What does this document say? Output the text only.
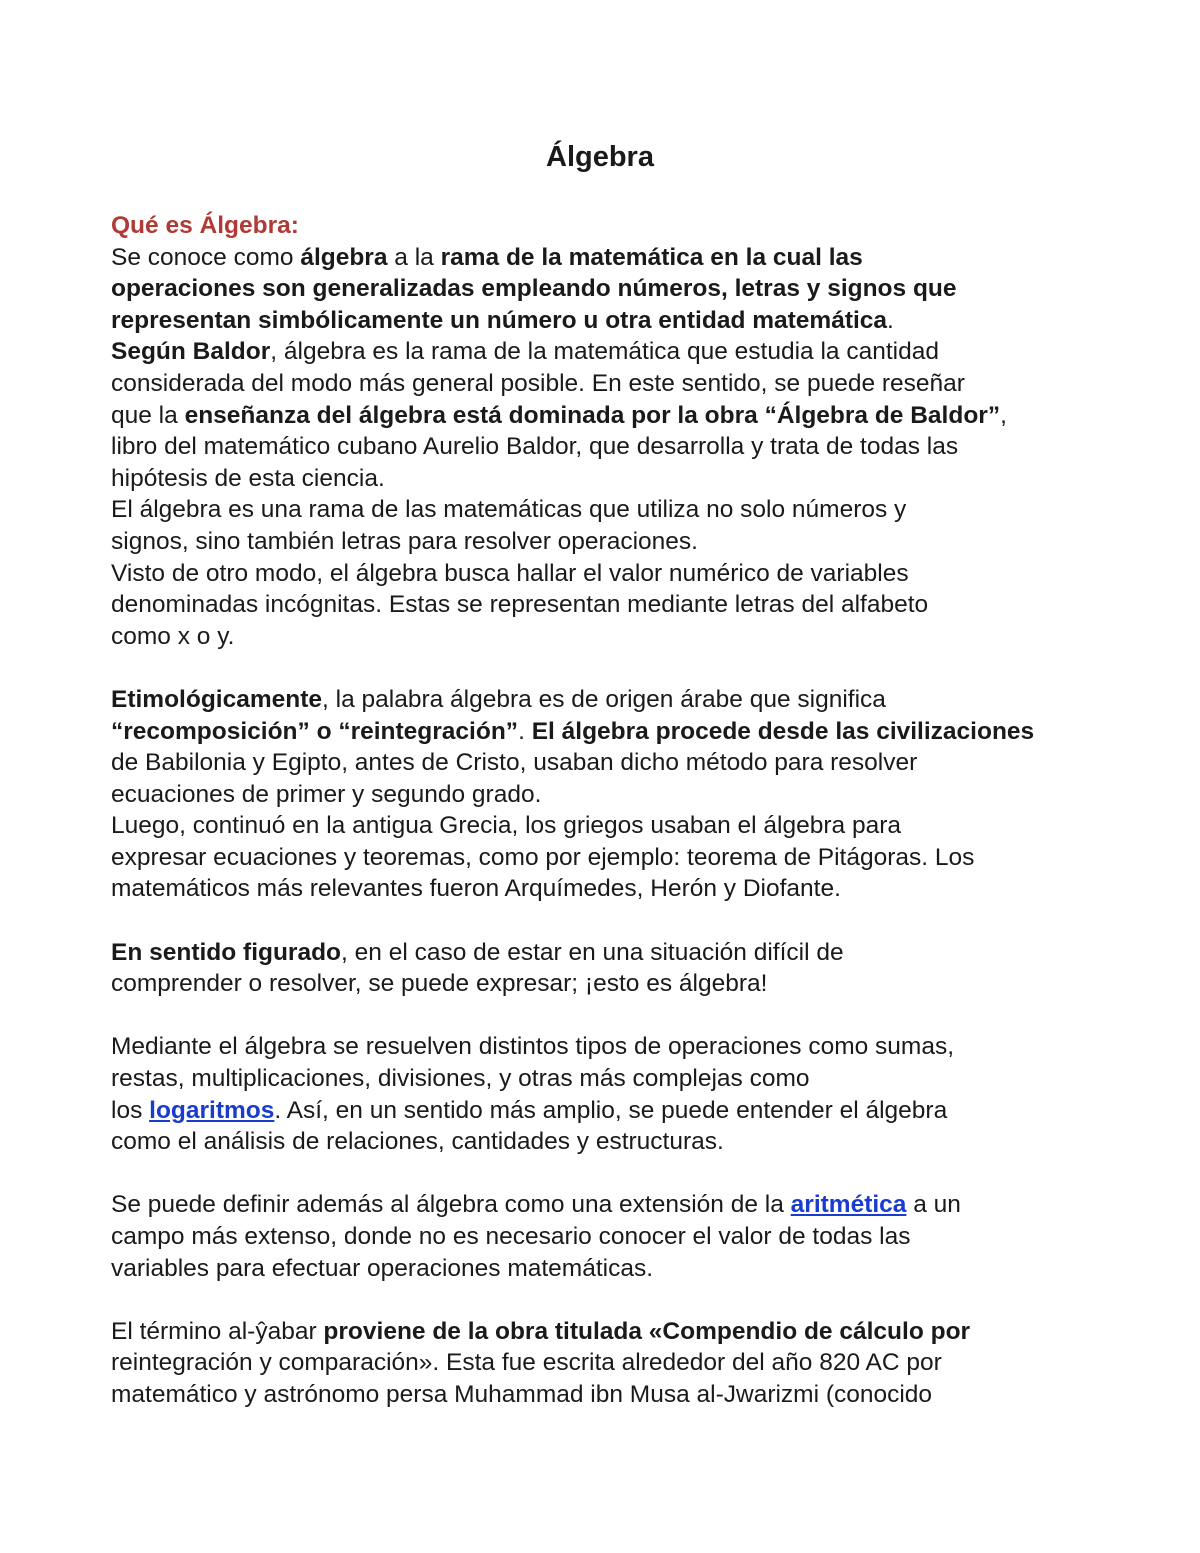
Álgebra
Qué es Álgebra:

Se conoce como álgebra a la rama de la matemática en la cual las
operaciones son generalizadas empleando números, letras y signos que
representan simbólicamente un número u otra entidad matemática.

Según Baldor, álgebra es la rama de la matemática que estudia la cantidad
considerada del modo más general posible. En este sentido, se puede reseñar
que la enseñanza del álgebra está dominada por la obra “Álgebra de Baldor”,
libro del matemático cubano Aurelio Baldor, que desarrolla y trata de todas las
hipótesis de esta ciencia.

El álgebra es una rama de las matemáticas que utiliza no solo números y
signos, sino también letras para resolver operaciones.

Visto de otro modo, el álgebra busca hallar el valor numérico de variables
denominadas incógnitas. Estas se representan mediante letras del alfabeto
como x o y.

Etimológicamente, la palabra álgebra es de origen árabe que significa
“recomposición” o “reintegración”. El álgebra procede desde las civilizaciones
de Babilonia y Egipto, antes de Cristo, usaban dicho método para resolver
ecuaciones de primer y segundo grado.

Luego, continuó en la antigua Grecia, los griegos usaban el álgebra para
expresar ecuaciones y teoremas, como por ejemplo: teorema de Pitágoras. Los
matemáticos más relevantes fueron Arquímedes, Herón y Diofante.

En sentido figurado, en el caso de estar en una situación difícil de
comprender o resolver, se puede expresar; ¡esto es álgebra!

Mediante el álgebra se resuelven distintos tipos de operaciones como sumas,
restas, multiplicaciones, divisiones, y otras más complejas como
los logaritmos. Así, en un sentido más amplio, se puede entender el álgebra
como el análisis de relaciones, cantidades y estructuras.

Se puede definir además al álgebra como una extensión de la aritmética a un
campo más extenso, donde no es necesario conocer el valor de todas las
variables para efectuar operaciones matemáticas.

El término al-ŷabar proviene de la obra titulada «Compendio de cálculo por
reintegración y comparación». Esta fue escrita alrededor del año 820 AC por
matemático y astrónomo persa Muhammad ibn Musa al-Jwarizmi (conocido
